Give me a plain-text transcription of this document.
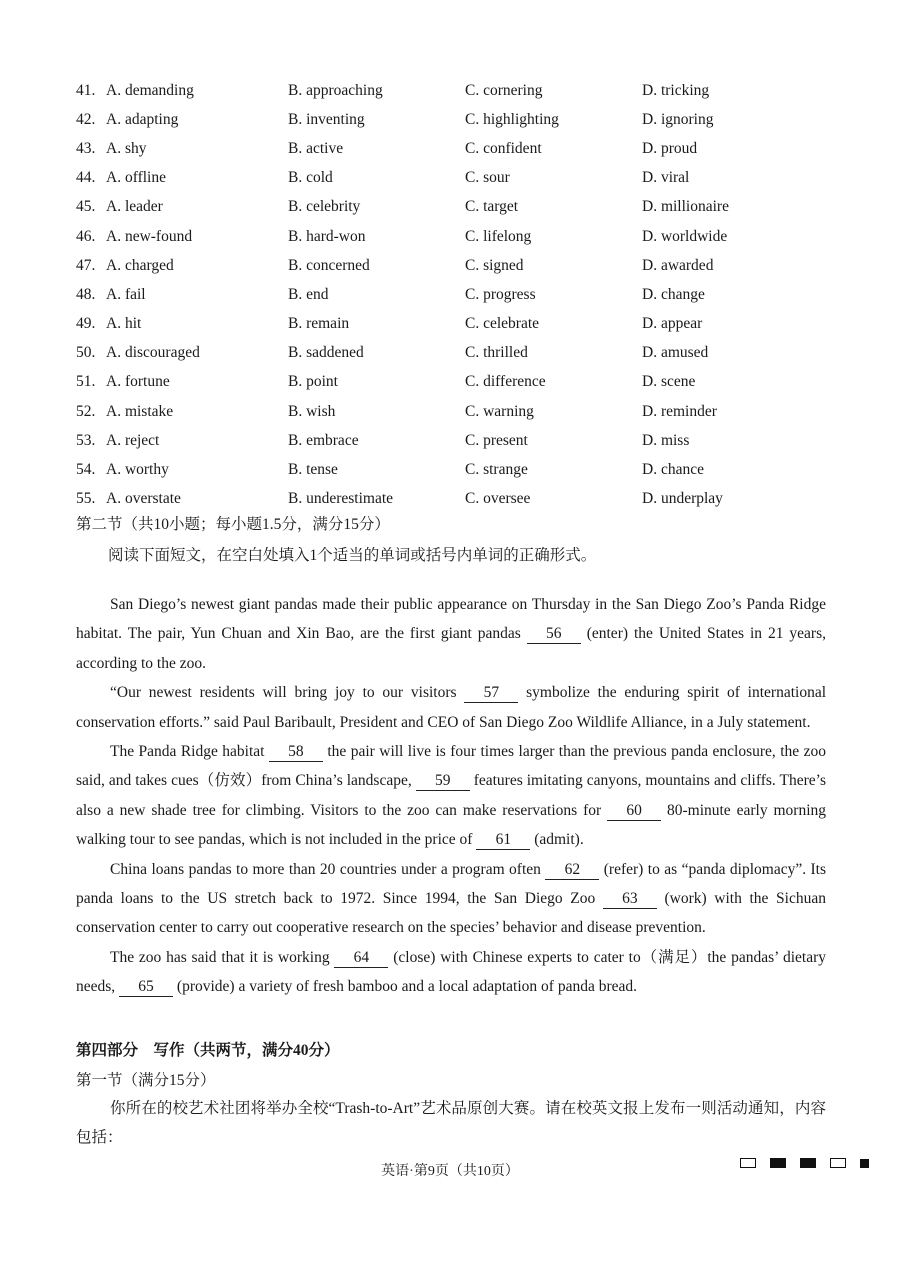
41. A. demanding	B. approaching	C. cornering	D. tricking
42. A. adapting	B. inventing	C. highlighting	D. ignoring
43. A. shy	B. active	C. confident	D. proud
44. A. offline	B. cold	C. sour	D. viral
45. A. leader	B. celebrity	C. target	D. millionaire
46. A. new-found	B. hard-won	C. lifelong	D. worldwide
47. A. charged	B. concerned	C. signed	D. awarded
48. A. fail	B. end	C. progress	D. change
49. A. hit	B. remain	C. celebrate	D. appear
50. A. discouraged	B. saddened	C. thrilled	D. amused
51. A. fortune	B. point	C. difference	D. scene
52. A. mistake	B. wish	C. warning	D. reminder
53. A. reject	B. embrace	C. present	D. miss
54. A. worthy	B. tense	C. strange	D. chance
55. A. overstate	B. underestimate	C. oversee	D. underplay
第二节（共10小题；每小题1.5分，满分15分）
阅读下面短文，在空白处填入1个适当的单词或括号内单词的正确形式。

San Diego’s newest giant pandas made their public appearance on Thursday in the San Diego Zoo’s Panda Ridge habitat. The pair, Yun Chuan and Xin Bao, are the first giant pandas 56 (enter) the United States in 21 years, according to the zoo.

“Our newest residents will bring joy to our visitors 57 symbolize the enduring spirit of international conservation efforts.” said Paul Baribault, President and CEO of San Diego Zoo Wildlife Alliance, in a July statement.

The Panda Ridge habitat 58 the pair will live is four times larger than the previous panda enclosure, the zoo said, and takes cues（仿效）from China’s landscape, 59 features imitating canyons, mountains and cliffs. There’s also a new shade tree for climbing. Visitors to the zoo can make reservations for 60 80-minute early morning walking tour to see pandas, which is not included in the price of 61 (admit).

China loans pandas to more than 20 countries under a program often 62 (refer) to as “panda diplomacy”. Its panda loans to the US stretch back to 1972. Since 1994, the San Diego Zoo 63 (work) with the Sichuan conservation center to carry out cooperative research on the species’ behavior and disease prevention.

The zoo has said that it is working 64 (close) with Chinese experts to cater to（满足）the pandas’ dietary needs, 65 (provide) a variety of fresh bamboo and a local adaptation of panda bread.

第四部分　写作（共两节，满分40分）
第一节（满分15分）

你所在的校艺术社团将举办全校“Trash-to-Art”艺术品原创大赛。请在校英文报上发布一则活动通知，内容包括：

英语·第9页（共10页）
